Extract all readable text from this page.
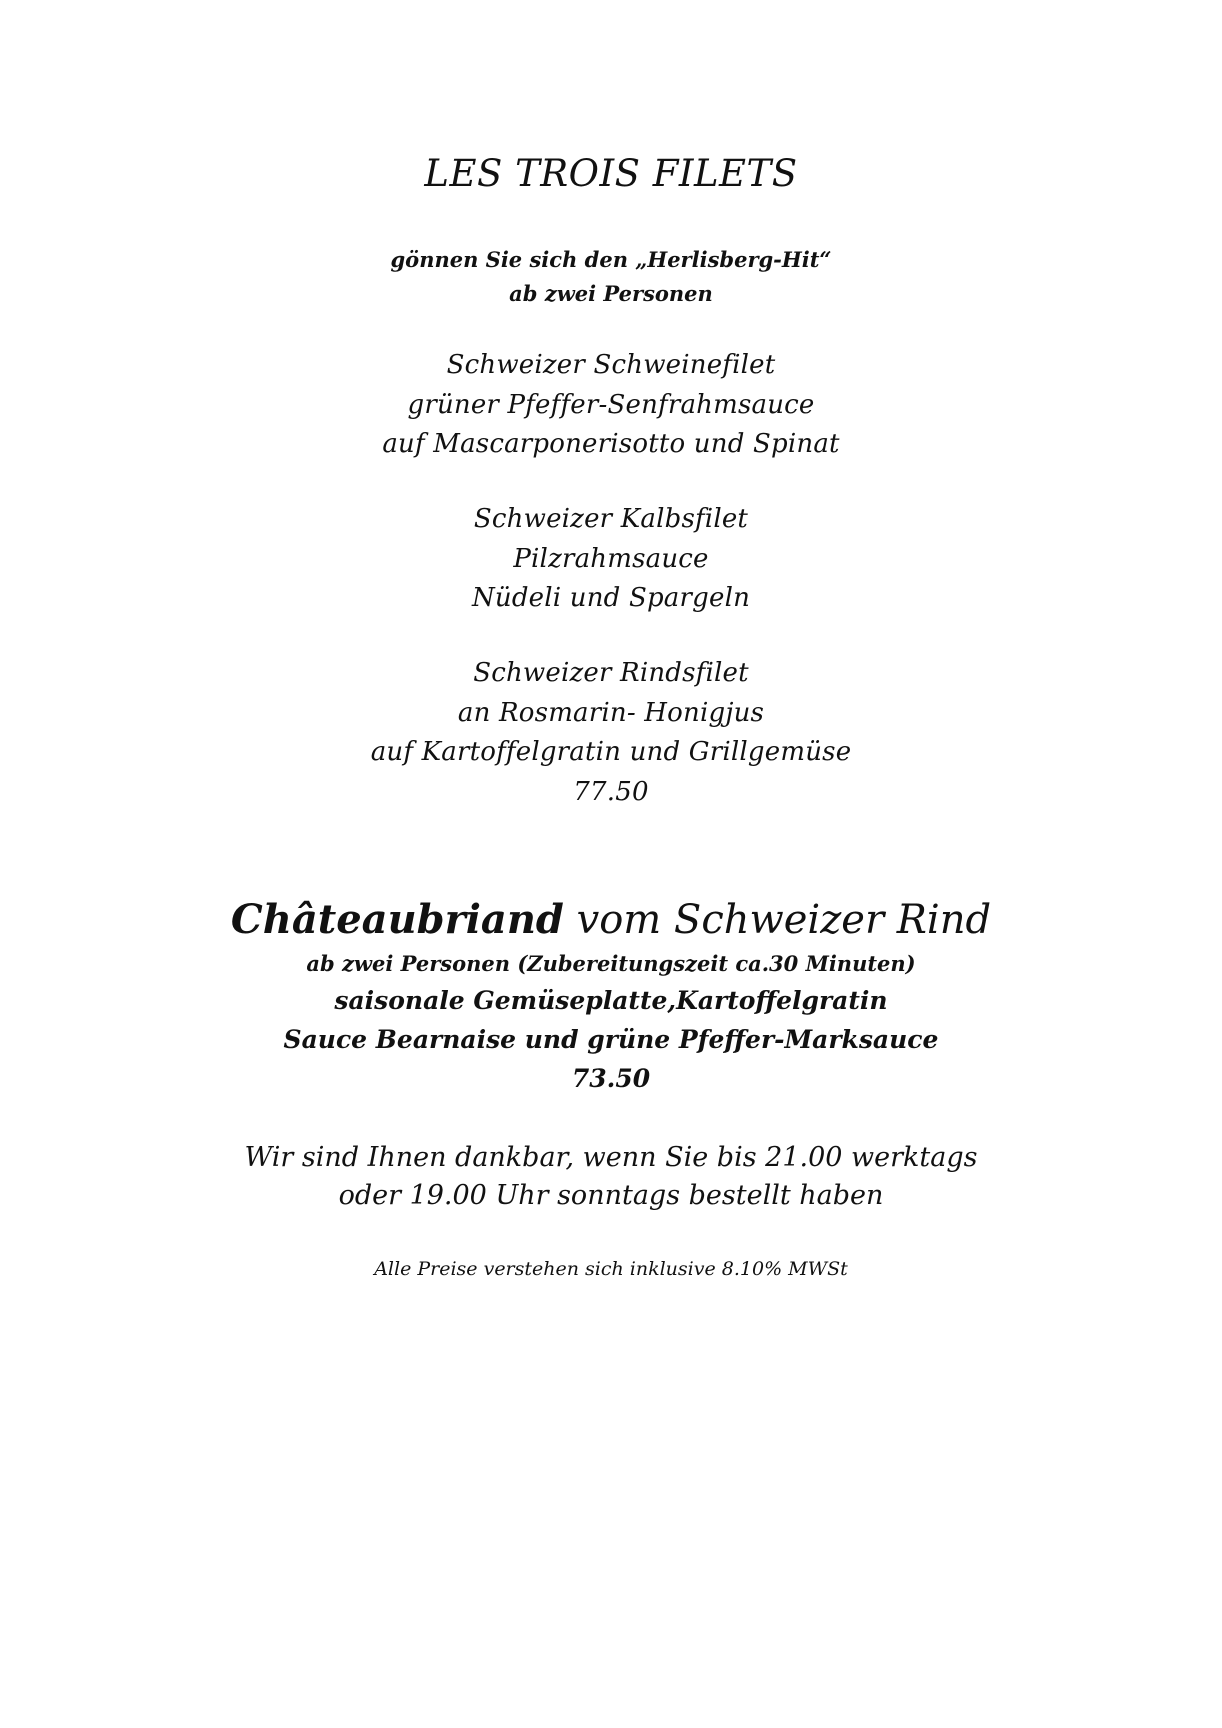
LES TROIS FILETS

gönnen Sie sich den „Herlisberg-Hit“

ab zwei Personen

Schweizer Schweinefilet

grüner Pfeffer-Senfrahmsauce

auf Mascarponerisotto und Spinat

Schweizer Kalbsfilet

Pilzrahmsauce

Nüdeli und Spargeln

Schweizer Rindsfilet

an Rosmarin- Honigjus

auf Kartoffelgratin und Grillgemüse

77.50

Châteaubriand vom Schweizer Rind

ab zwei Personen (Zubereitungszeit ca.30 Minuten)

saisonale Gemüseplatte,Kartoffelgratin

Sauce Bearnaise und grüne Pfeffer-Marksauce

73.50

Wir sind Ihnen dankbar, wenn Sie bis 21.00 werktags

oder 19.00 Uhr sonntags bestellt haben

Alle Preise verstehen sich inklusive 8.10% MWSt
